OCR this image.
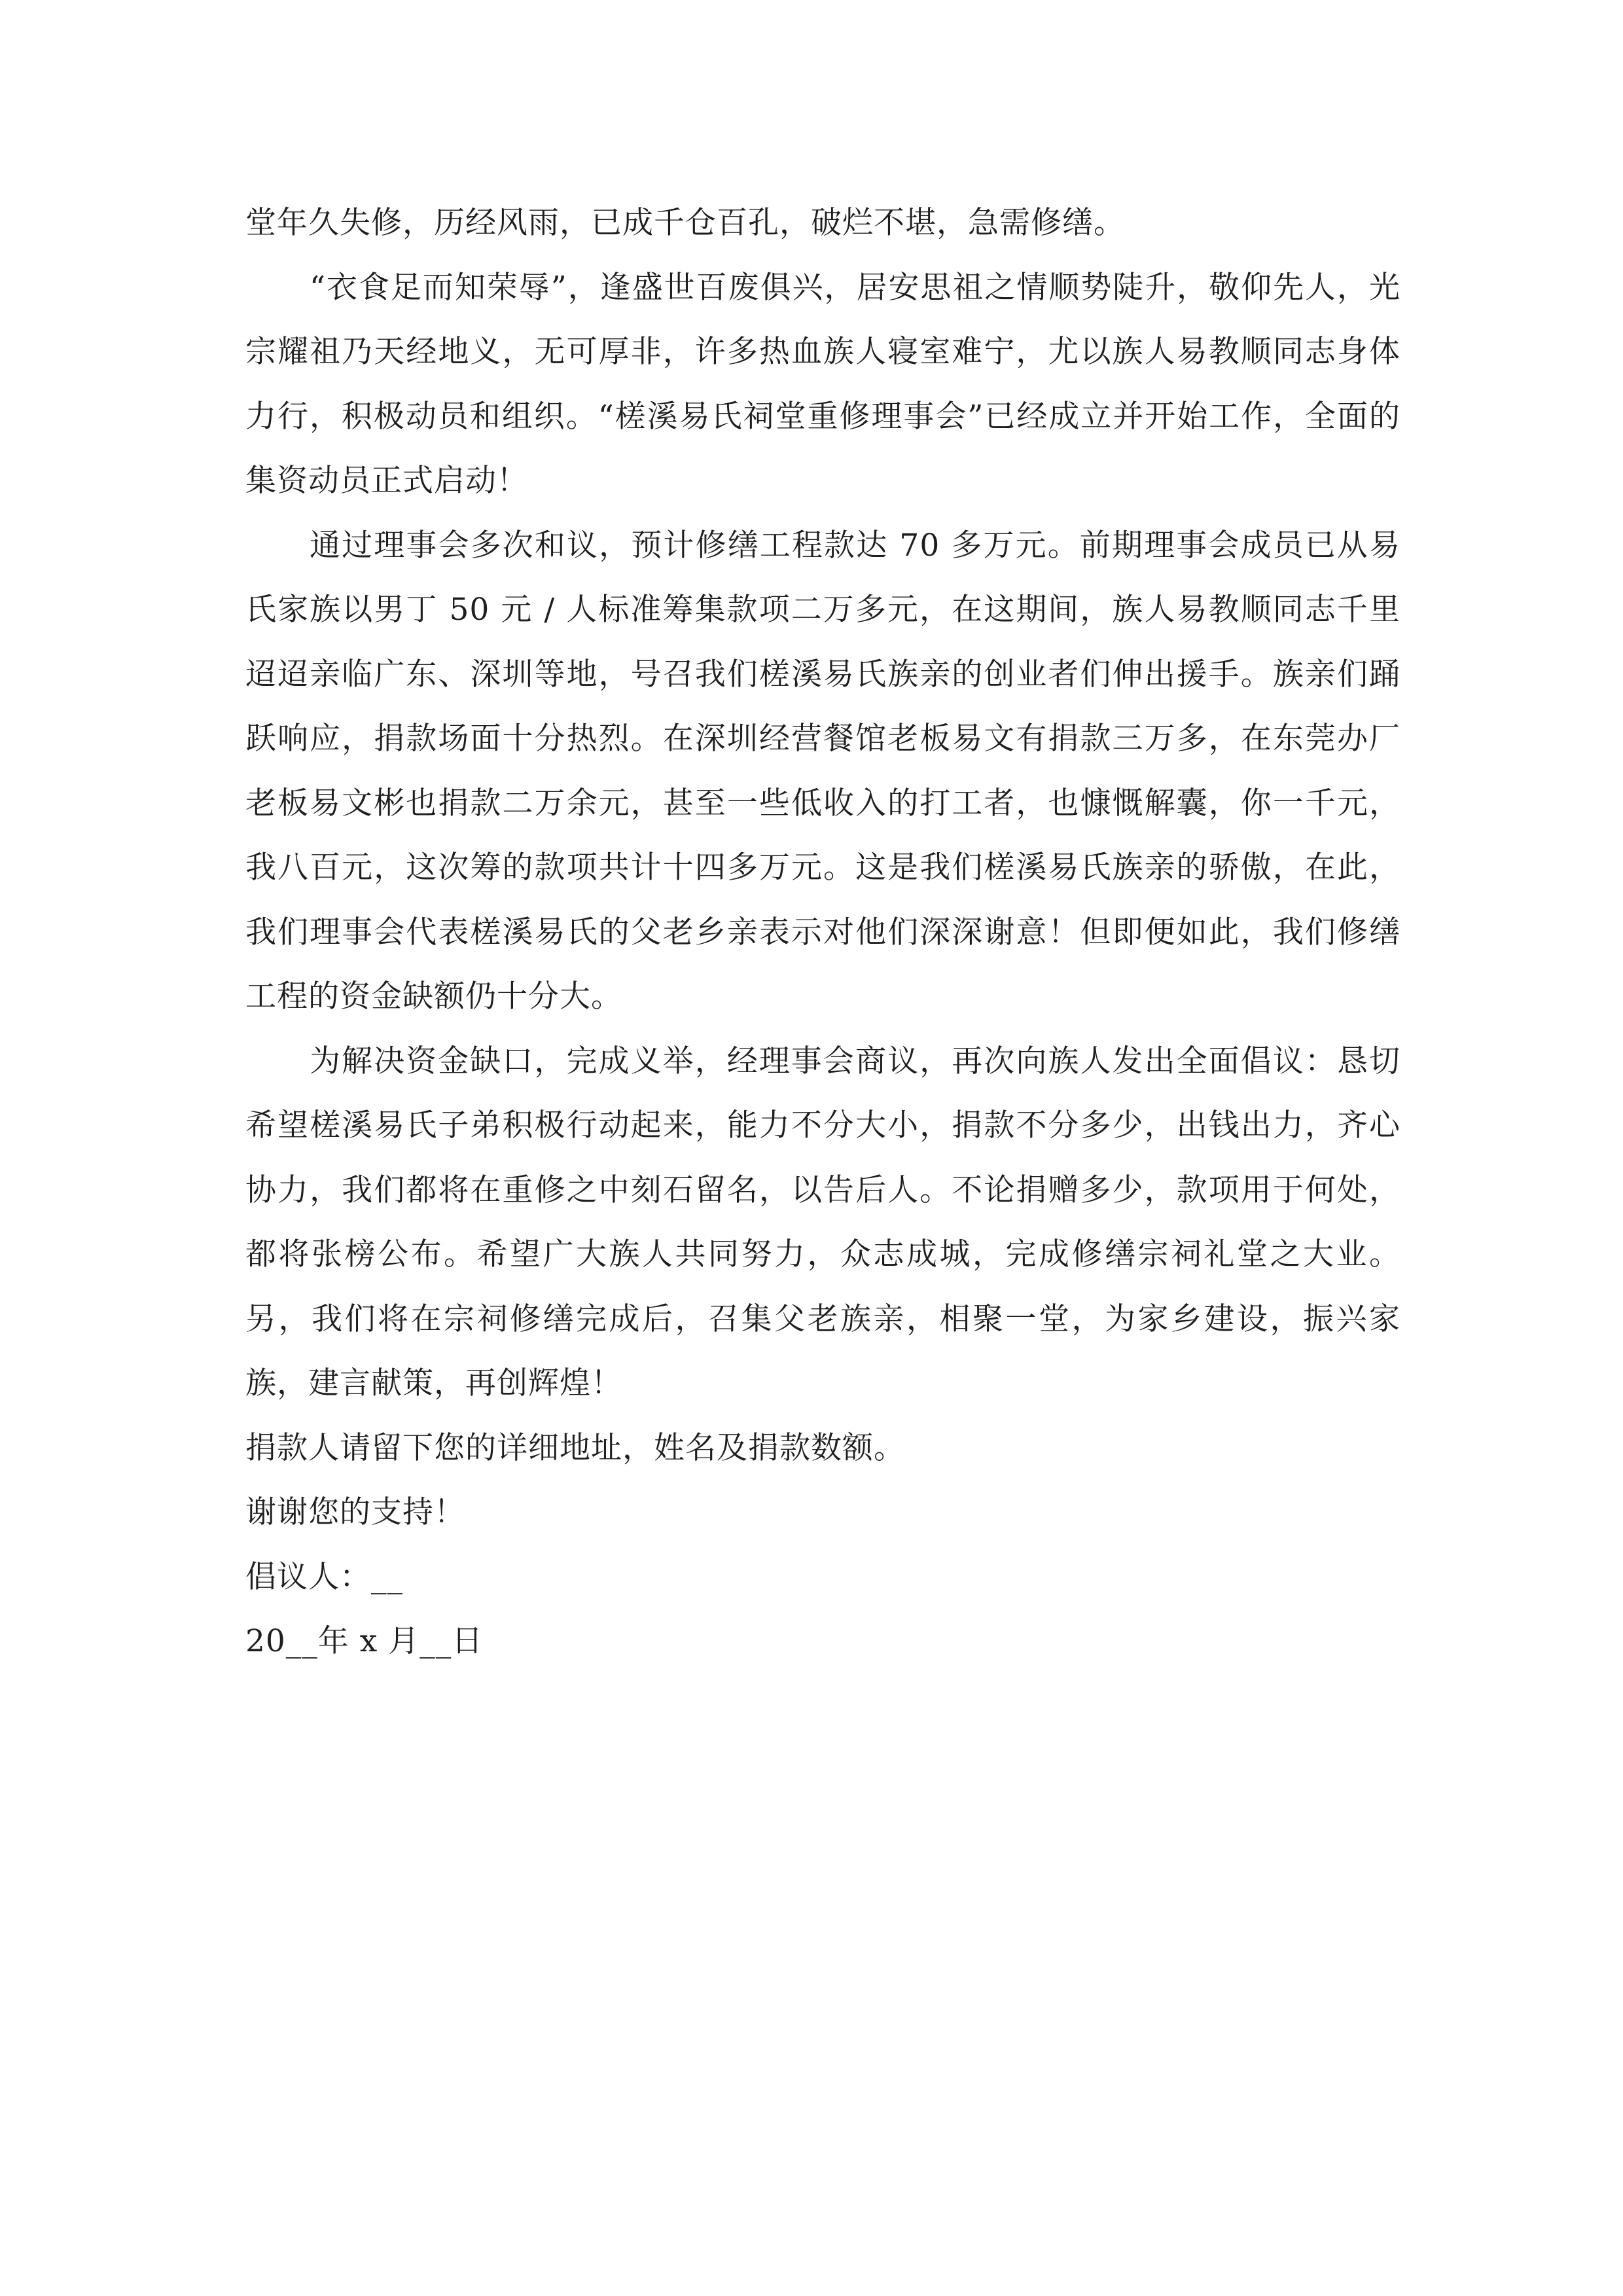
堂年久失修，历经风雨，已成千仓百孔，破烂不堪，急需修缮。

“衣食足而知荣辱”，逢盛世百废俱兴，居安思祖之情顺势陡升，敬仰先人，光宗耀祖乃天经地义，无可厚非，许多热血族人寝室难宁，尤以族人易教顺同志身体力行，积极动员和组织。“槎溪易氏祠堂重修理事会”已经成立并开始工作，全面的集资动员正式启动！

通过理事会多次和议，预计修缮工程款达 70 多万元。前期理事会成员已从易氏家族以男丁 50 元 / 人标准筹集款项二万多元，在这期间，族人易教顺同志千里迢迢亲临广东、深圳等地，号召我们槎溪易氏族亲的创业者们伸出援手。族亲们踊跃响应，捐款场面十分热烈。在深圳经营餐馆老板易文有捐款三万多，在东莞办厂老板易文彬也捐款二万余元，甚至一些低收入的打工者，也慷慨解囊，你一千元，我八百元，这次筹的款项共计十四多万元。这是我们槎溪易氏族亲的骄傲，在此，我们理事会代表槎溪易氏的父老乡亲表示对他们深深谢意！但即便如此，我们修缮工程的资金缺额仍十分大。

为解决资金缺口，完成义举，经理事会商议，再次向族人发出全面倡议：恳切希望槎溪易氏子弟积极行动起来，能力不分大小，捐款不分多少，出钱出力，齐心协力，我们都将在重修之中刻石留名，以告后人。不论捐赠多少，款项用于何处，都将张榜公布。希望广大族人共同努力，众志成城，完成修缮宗祠礼堂之大业。另，我们将在宗祠修缮完成后，召集父老族亲，相聚一堂，为家乡建设，振兴家族，建言献策，再创辉煌！

捐款人请留下您的详细地址，姓名及捐款数额。

谢谢您的支持！

倡议人：__

20__年 x 月__日
